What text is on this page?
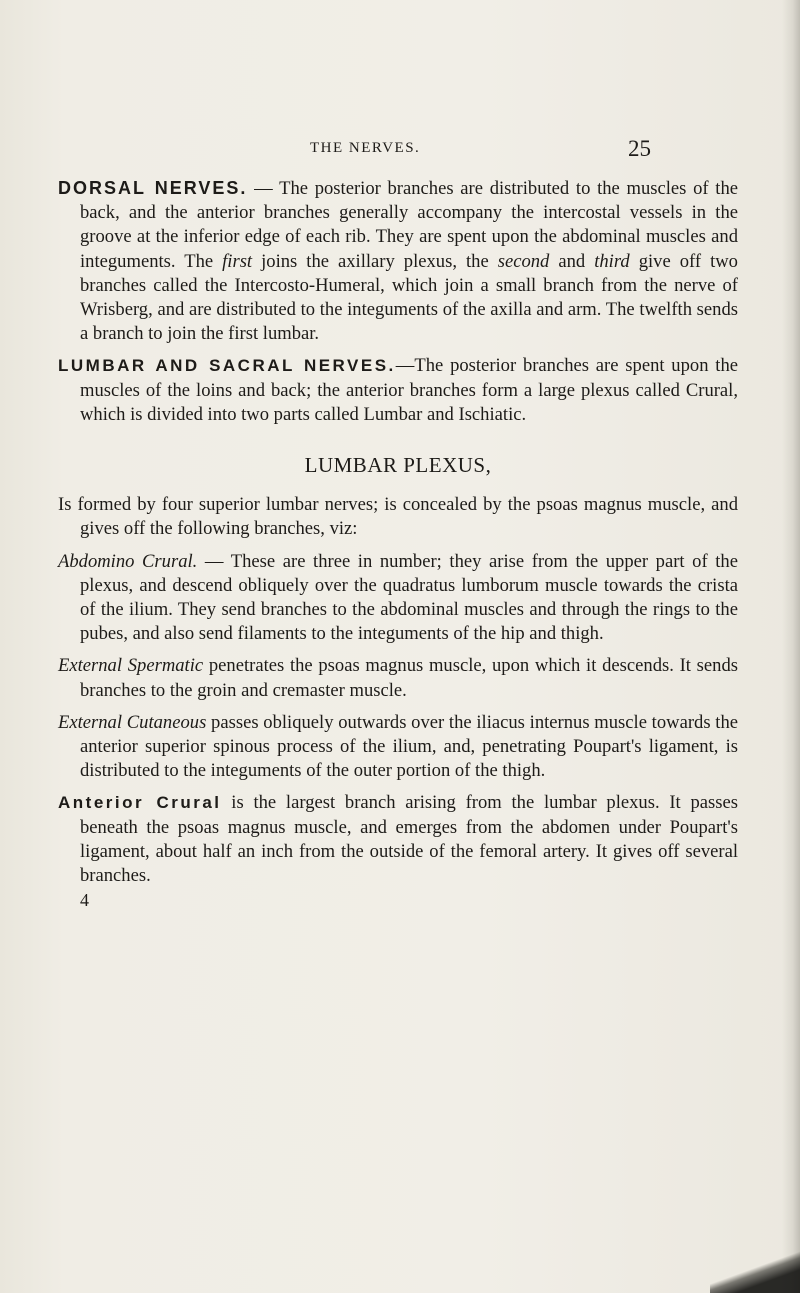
THE NERVES.	25

DORSAL NERVES. — The posterior branches are distributed to the muscles of the back, and the anterior branches generally accompany the intercostal vessels in the groove at the inferior edge of each rib. They are spent upon the abdominal muscles and integuments. The first joins the axillary plexus, the second and third give off two branches called the Intercosto-Humeral, which join a small branch from the nerve of Wrisberg, and are distributed to the integuments of the axilla and arm. The twelfth sends a branch to join the first lumbar.

LUMBAR AND SACRAL NERVES.—The posterior branches are spent upon the muscles of the loins and back; the anterior branches form a large plexus called Crural, which is divided into two parts called Lumbar and Ischiatic.

LUMBAR PLEXUS,

Is formed by four superior lumbar nerves; is concealed by the psoas magnus muscle, and gives off the following branches, viz:

Abdomino Crural. — These are three in number; they arise from the upper part of the plexus, and descend obliquely over the quadratus lumborum muscle towards the crista of the ilium. They send branches to the abdominal muscles and through the rings to the pubes, and also send filaments to the integuments of the hip and thigh.

External Spermatic penetrates the psoas magnus muscle, upon which it descends. It sends branches to the groin and cremaster muscle.

External Cutaneous passes obliquely outwards over the iliacus internus muscle towards the anterior superior spinous process of the ilium, and, penetrating Poupart's ligament, is distributed to the integuments of the outer portion of the thigh.

Anterior Crural is the largest branch arising from the lumbar plexus. It passes beneath the psoas magnus muscle, and emerges from the abdomen under Poupart's ligament, about half an inch from the outside of the femoral artery. It gives off several branches.

4
